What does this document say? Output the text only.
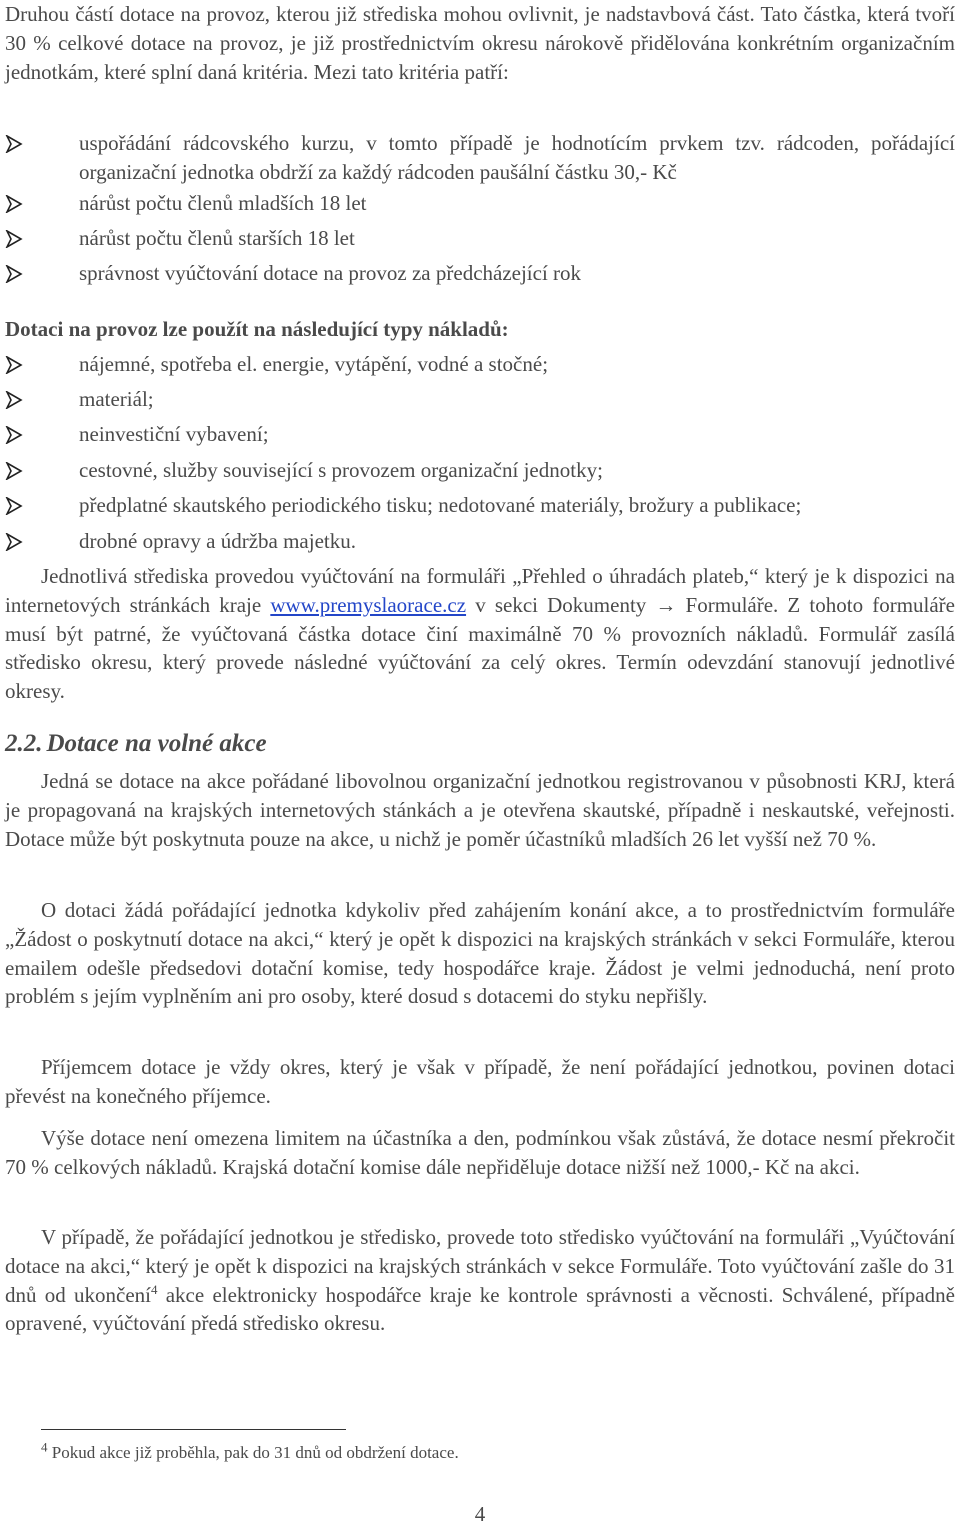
Druhou částí dotace na provoz, kterou již střediska mohou ovlivnit, je nadstavbová část. Tato částka, která tvoří 30 % celkové dotace na provoz, je již prostřednictvím okresu nárokově přidělována konkrétním organizačním jednotkám, které splní daná kritéria. Mezi tato kritéria patří:

uspořádání rádcovského kurzu, v tomto případě je hodnotícím prvkem tzv. rádcoden, pořádající organizační jednotka obdrží za každý rádcoden paušální částku 30,- Kč

nárůst počtu členů mladších 18 let

nárůst počtu členů starších 18 let

správnost vyúčtování dotace na provoz za předcházející rok

Dotaci na provoz lze použít na následující typy nákladů:

nájemné, spotřeba el. energie, vytápění, vodné a stočné;

materiál;

neinvestiční vybavení;

cestovné, služby související s provozem organizační jednotky;

předplatné skautského periodického tisku; nedotované materiály, brožury a publikace;

drobné opravy a údržba majetku.

Jednotlivá střediska provedou vyúčtování na formuláři „Přehled o úhradách plateb,“ který je k dispozici na internetových stránkách kraje www.premyslaorace.cz v sekci Dokumenty → Formuláře. Z tohoto formuláře musí být patrné, že vyúčtovaná částka dotace činí maximálně 70 % provozních nákladů. Formulář zasílá středisko okresu, který provede následné vyúčtování za celý okres. Termín odevzdání stanovují jednotlivé okresy.

2.2. Dotace na volné akce

Jedná se dotace na akce pořádané libovolnou organizační jednotkou registrovanou v působnosti KRJ, která je propagovaná na krajských internetových stánkách a je otevřena skautské, případně i neskautské, veřejnosti. Dotace může být poskytnuta pouze na akce, u nichž je poměr účastníků mladších 26 let vyšší než 70 %.

O dotaci žádá pořádající jednotka kdykoliv před zahájením konání akce, a to prostřednictvím formuláře „Žádost o poskytnutí dotace na akci,“ který je opět k dispozici na krajských stránkách v sekci Formuláře, kterou emailem odešle předsedovi dotační komise, tedy hospodářce kraje. Žádost je velmi jednoduchá, není proto problém s jejím vyplněním ani pro osoby, které dosud s dotacemi do styku nepřišly.

Příjemcem dotace je vždy okres, který je však v případě, že není pořádající jednotkou, povinen dotaci převést na konečného příjemce.

Výše dotace není omezena limitem na účastníka a den, podmínkou však zůstává, že dotace nesmí překročit 70 % celkových nákladů. Krajská dotační komise dále nepřiděluje dotace nižší než 1000,- Kč na akci.

V případě, že pořádající jednotkou je středisko, provede toto středisko vyúčtování na formuláři „Vyúčtování dotace na akci,“ který je opět k dispozici na krajských stránkách v sekce Formuláře. Toto vyúčtování zašle do 31 dnů od ukončení$^4$ akce elektronicky hospodářce kraje ke kontrole správnosti a věcnosti. Schválené, případně opravené, vyúčtování předá středisko okresu.

$^4$ Pokud akce již proběhla, pak do 31 dnů od obdržení dotace.
4
